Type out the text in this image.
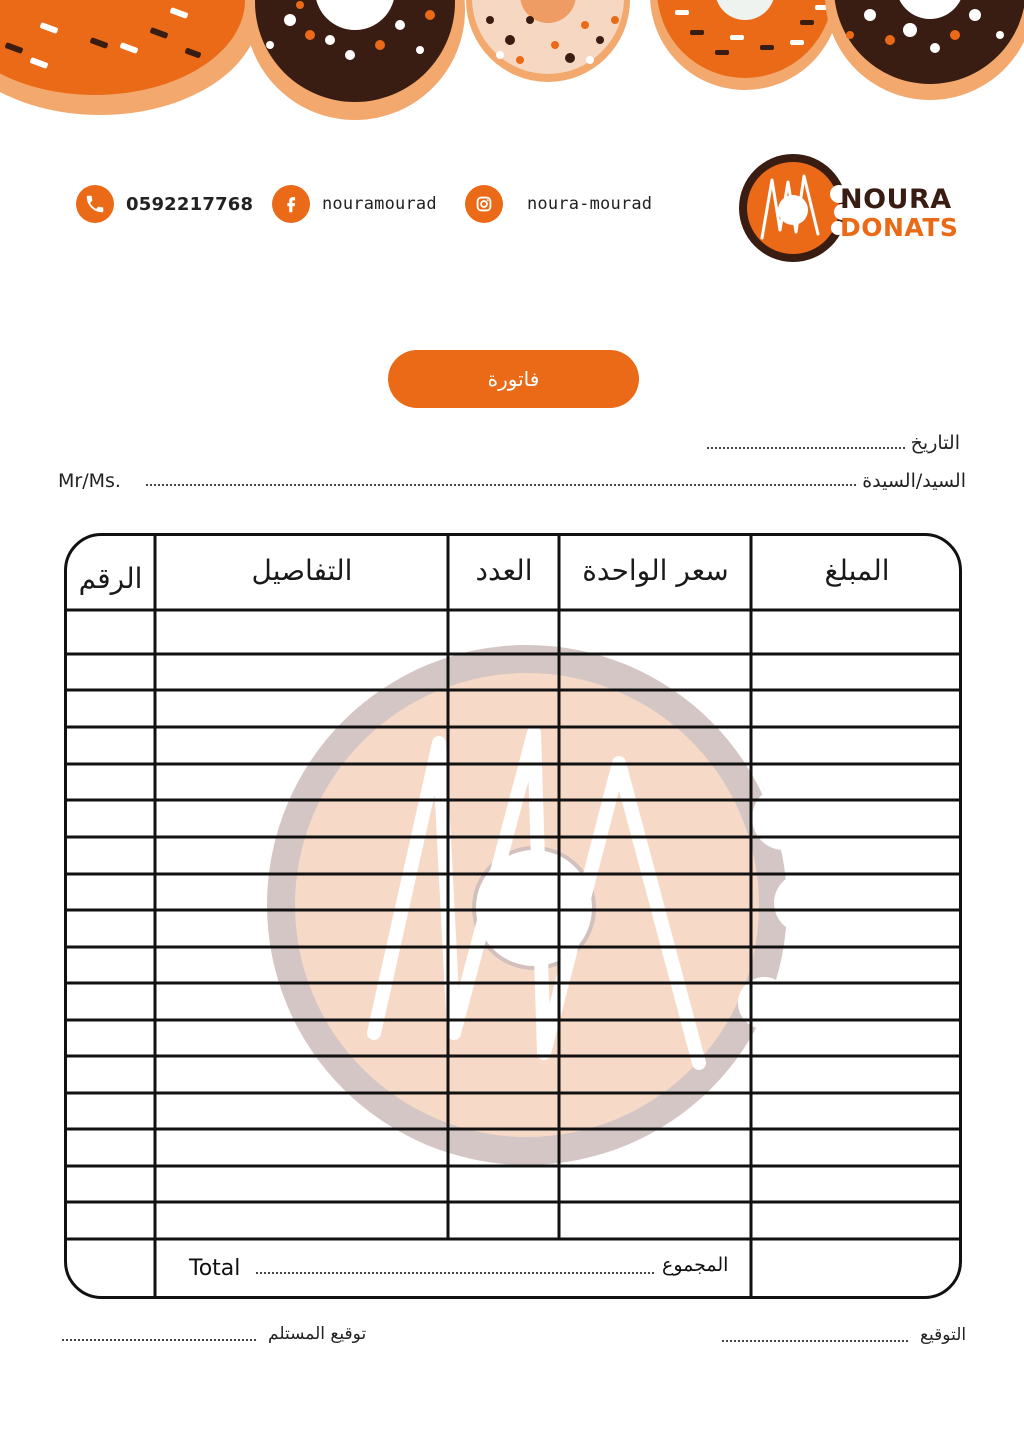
0592217768	nouramourad	noura-mourad	NOURA
DONATS
فاتورة
التاريخ
السيد/السيدة
Mr/Ms.
الرقم	التفاصيل	العدد	سعر الواحدة	المبلغ
Total	المجموع
توقيع المستلم	التوقيع
